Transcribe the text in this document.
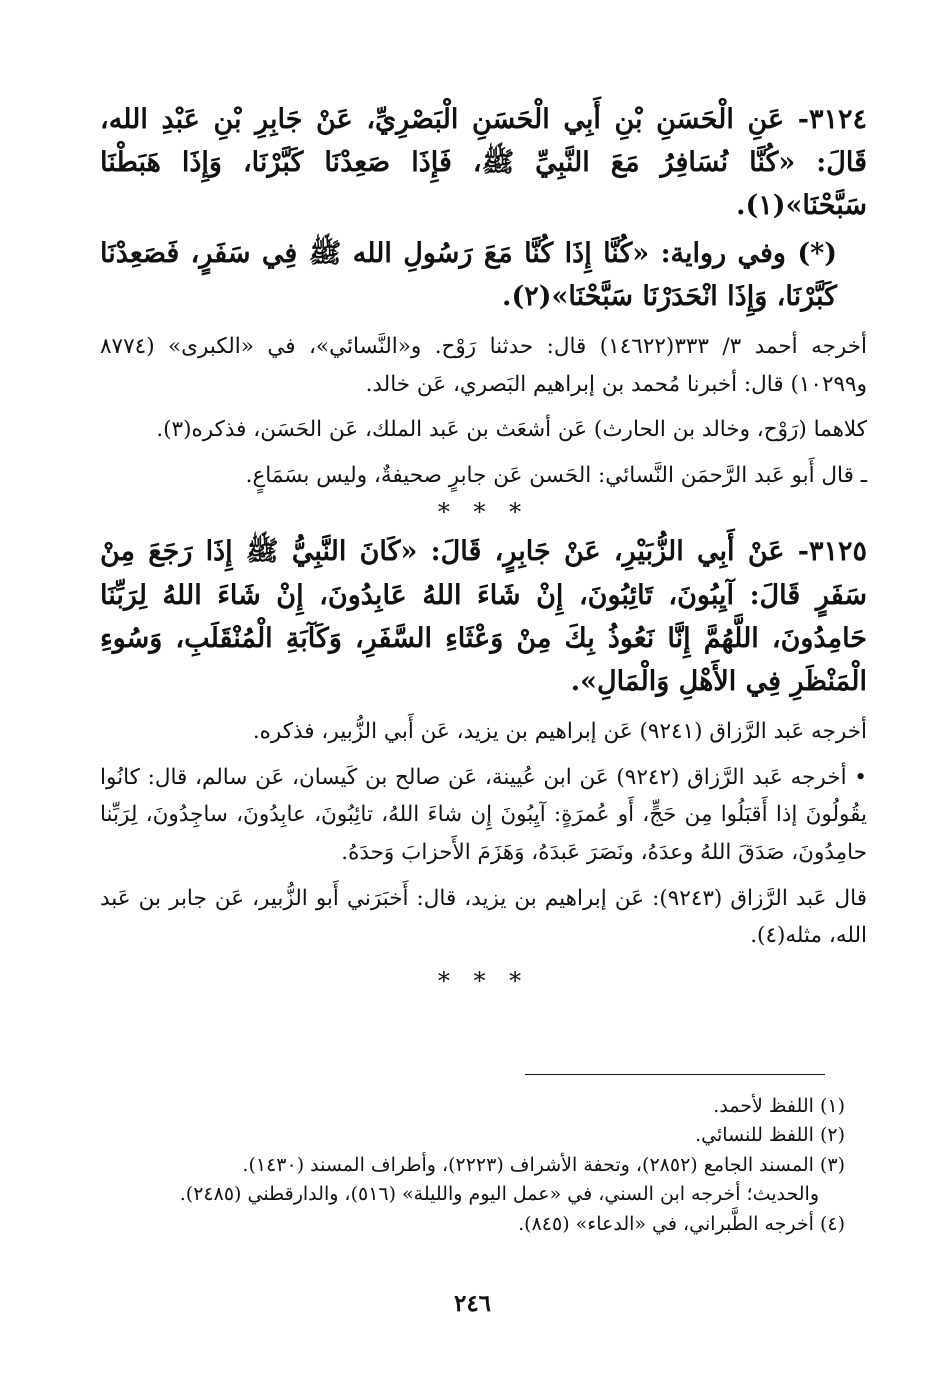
٣١٢٤- عَنِ الْحَسَنِ بْنِ أَبِي الْحَسَنِ الْبَصْرِيِّ، عَنْ جَابِرِ بْنِ عَبْدِ الله، قَالَ: «كُنَّا نُسَافِرُ مَعَ النَّبِيِّ ﷺ، فَإِذَا صَعِدْنَا كَبَّرْنَا، وَإِذَا هَبَطْنَا سَبَّحْنَا»(١).

(*) وفي رواية: «كُنَّا إِذَا كُنَّا مَعَ رَسُولِ الله ﷺ فِي سَفَرٍ، فَصَعِدْنَا كَبَّرْنَا، وَإِذَا انْحَدَرْنَا سَبَّحْنَا»(٢).

أخرجه أحمد ٣/ ٣٣٣(١٤٦٢٢) قال: حدثنا رَوْح. و«النَّسائي»، في «الكبرى» (٨٧٧٤ و١٠٢٩٩) قال: أخبرنا مُحمد بن إبراهيم البَصري، عَن خالد.

كلاهما (رَوْح، وخالد بن الحارث) عَن أشعَث بن عَبد الملك، عَن الحَسَن، فذكره(٣).

ـ قال أَبو عَبد الرَّحمَن النَّسائي: الحَسن عَن جابرٍ صحيفةٌ، وليس بسَمَاعٍ.

* * *

٣١٢٥- عَنْ أَبِي الزُّبَيْرِ، عَنْ جَابِرٍ، قَالَ: «كَانَ النَّبِيُّ ﷺ إِذَا رَجَعَ مِنْ سَفَرٍ قَالَ: آيِبُونَ، تَائِبُونَ، إِنْ شَاءَ اللهُ عَابِدُونَ، إِنْ شَاءَ اللهُ لِرَبِّنَا حَامِدُونَ، اللَّهُمَّ إِنَّا نَعُوذُ بِكَ مِنْ وَعْثَاءِ السَّفَرِ، وَكَآبَةِ الْمُنْقَلَبِ، وَسُوءِ الْمَنْظَرِ فِي الأَهْلِ وَالْمَالِ».

أخرجه عَبد الرَّزاق (٩٢٤١) عَن إبراهيم بن يزيد، عَن أَبي الزُّبير، فذكره.

• أخرجه عَبد الرَّزاق (٩٢٤٢) عَن ابن عُيينة، عَن صالح بن كَيسان، عَن سالم، قال: كانُوا يقُولُونَ إذا أَقبَلُوا مِن حَجٍّ، أَو عُمرَةٍ: آيِبُونَ إِن شاءَ اللهُ، تائِبُونَ، عابِدُونَ، ساجِدُونَ، لِرَبِّنا حامِدُونَ، صَدَقَ اللهُ وعدَهُ، ونَصَرَ عَبدَهُ، وَهَزَمَ الأَحزابَ وَحدَهُ.

قال عَبد الرَّزاق (٩٢٤٣): عَن إبراهيم بن يزيد، قال: أَخبَرَني أَبو الزُّبير، عَن جابر بن عَبد الله، مثله(٤).

* * *
(١) اللفظ لأحمد.
(٢) اللفظ للنسائي.
(٣) المسند الجامع (٢٨٥٢)، وتحفة الأشراف (٢٢٢٣)، وأطراف المسند (١٤٣٠).
والحديث؛ أخرجه ابن السني، في «عمل اليوم والليلة» (٥١٦)، والدارقطني (٢٤٨٥).
(٤) أخرجه الطَّبراني، في «الدعاء» (٨٤٥).
٢٤٦
